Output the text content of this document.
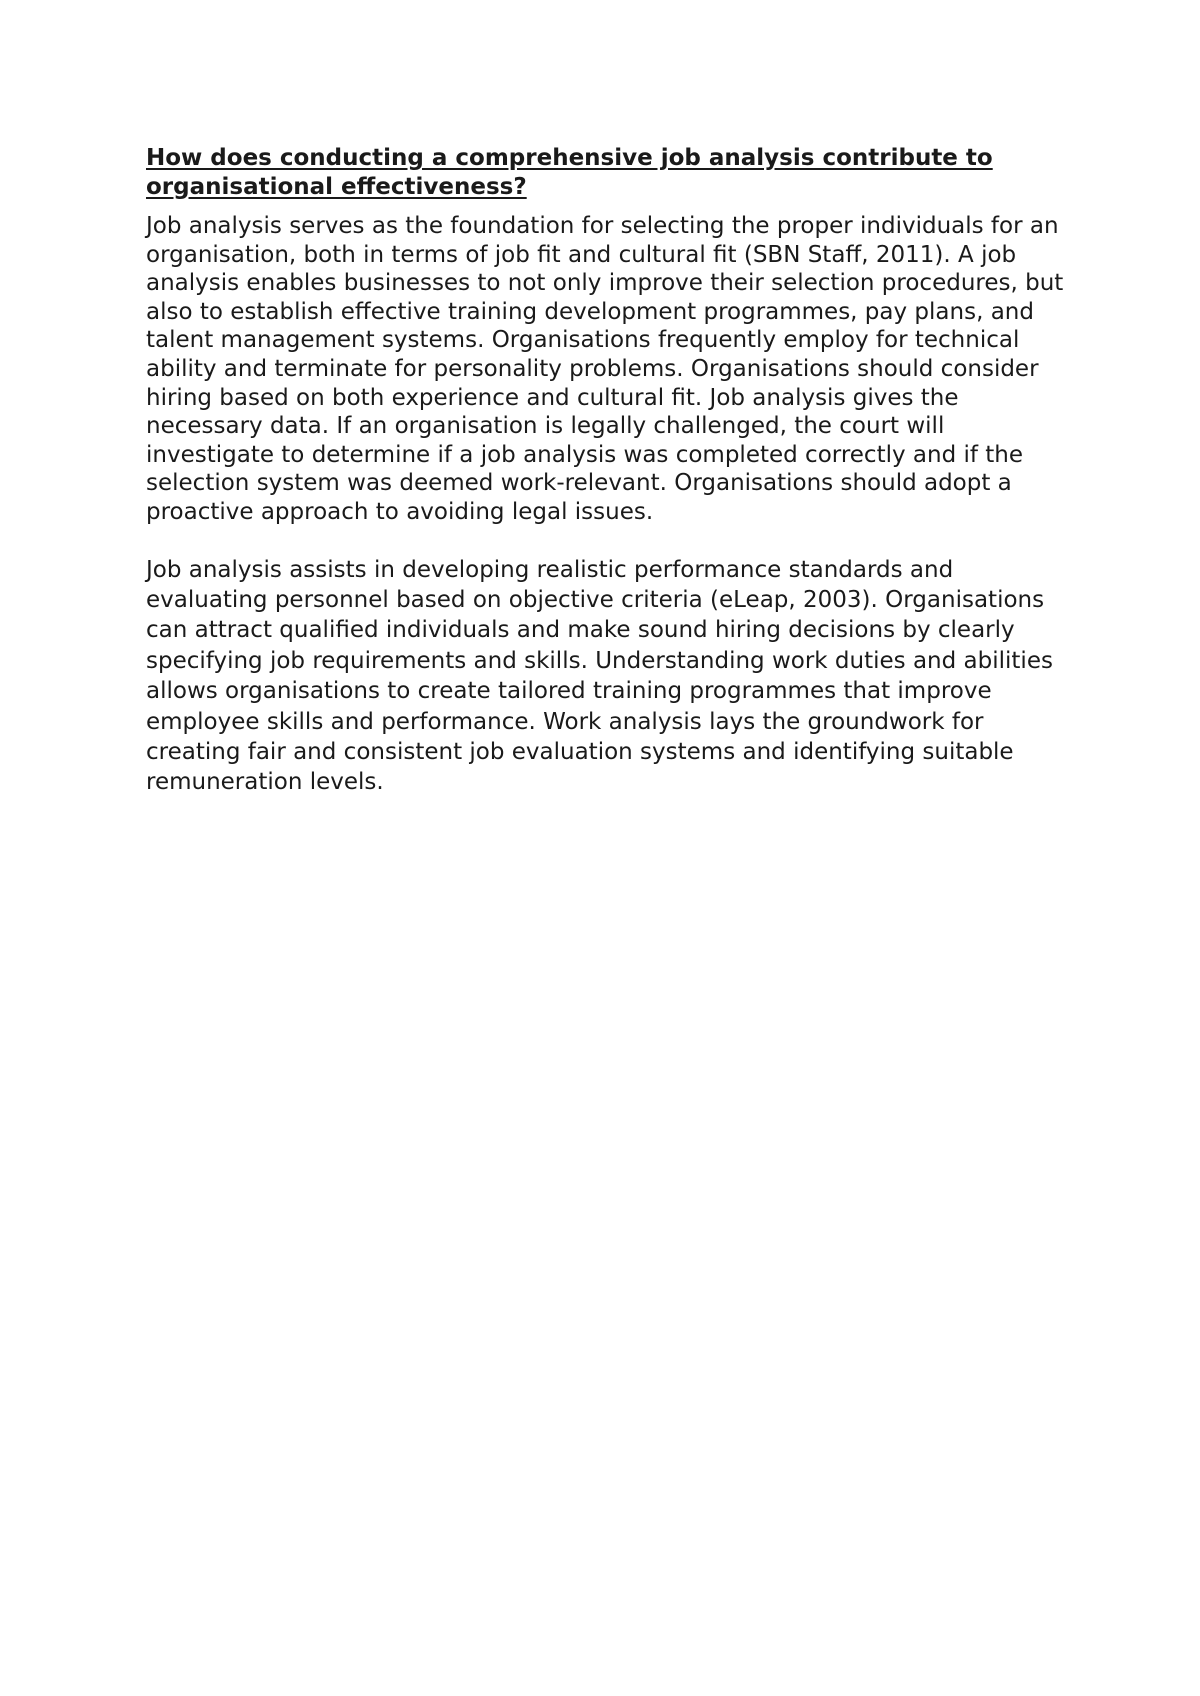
How does conducting a comprehensive job analysis contribute to organisational effectiveness?

Job analysis serves as the foundation for selecting the proper individuals for an organisation, both in terms of job fit and cultural fit (SBN Staff, 2011). A job analysis enables businesses to not only improve their selection procedures, but also to establish effective training development programmes, pay plans, and talent management systems. Organisations frequently employ for technical ability and terminate for personality problems. Organisations should consider hiring based on both experience and cultural fit. Job analysis gives the necessary data. If an organisation is legally challenged, the court will investigate to determine if a job analysis was completed correctly and if the selection system was deemed work-relevant. Organisations should adopt a proactive approach to avoiding legal issues.

Job analysis assists in developing realistic performance standards and evaluating personnel based on objective criteria (eLeap, 2003). Organisations can attract qualified individuals and make sound hiring decisions by clearly specifying job requirements and skills. Understanding work duties and abilities allows organisations to create tailored training programmes that improve employee skills and performance. Work analysis lays the groundwork for creating fair and consistent job evaluation systems and identifying suitable remuneration levels.
